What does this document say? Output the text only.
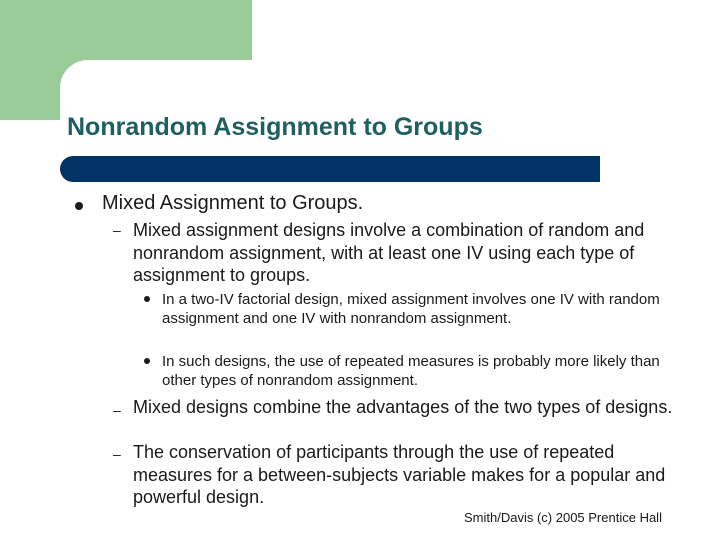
Nonrandom Assignment to Groups
Mixed Assignment to Groups.
– Mixed assignment designs involve a combination of random and nonrandom assignment, with at least one IV using each type of assignment to groups.
In a two-IV factorial design, mixed assignment involves one IV with random assignment and one IV with nonrandom assignment.
In such designs, the use of repeated measures is probably more likely than other types of nonrandom assignment.
– Mixed designs combine the advantages of the two types of designs.
– The conservation of participants through the use of repeated measures for a between-subjects variable makes for a popular and powerful design.
Smith/Davis (c) 2005 Prentice Hall
